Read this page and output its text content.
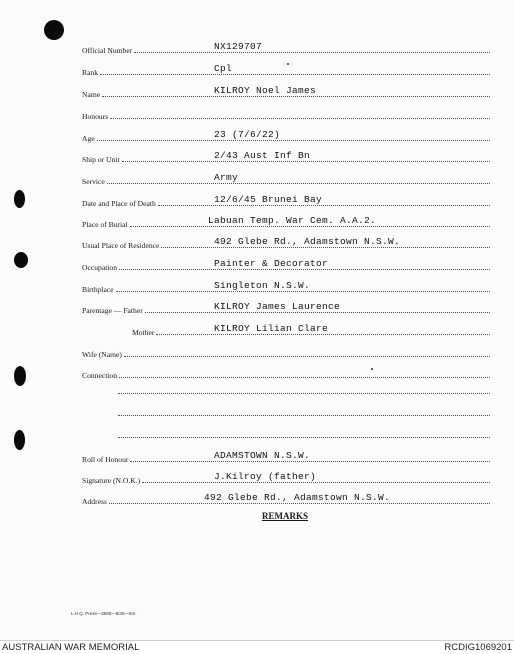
Official Number	NX129707
Rank	Cpl
Name	KILROY Noel James
Honours
Age	23 (7/6/22)
Ship or Unit	2/43 Aust Inf Bn
Service	Army
Date and Place of Death	12/6/45 Brunei Bay
Place of Burial	Labuan Temp. War Cem. A.A.2.
Usual Place of Residence	492 Glebe Rd., Adamstown N.S.W.
Occupation	Painter & Decorator
Birthplace	Singleton N.S.W.
Parentage — Father	KILROY James Laurence
Mother	KILROY Lilian Clare
Wife (Name)
Connection
Roll of Honour	ADAMSTOWN N.S.W.
Signature (N.O.K.)	J.Kilroy (father)
Address	492 Glebe Rd., Adamstown N.S.W.
REMARKS
L.H.Q. Press—3585—8/45—5m.
AUSTRALIAN WAR MEMORIAL	RCDIG1069201
